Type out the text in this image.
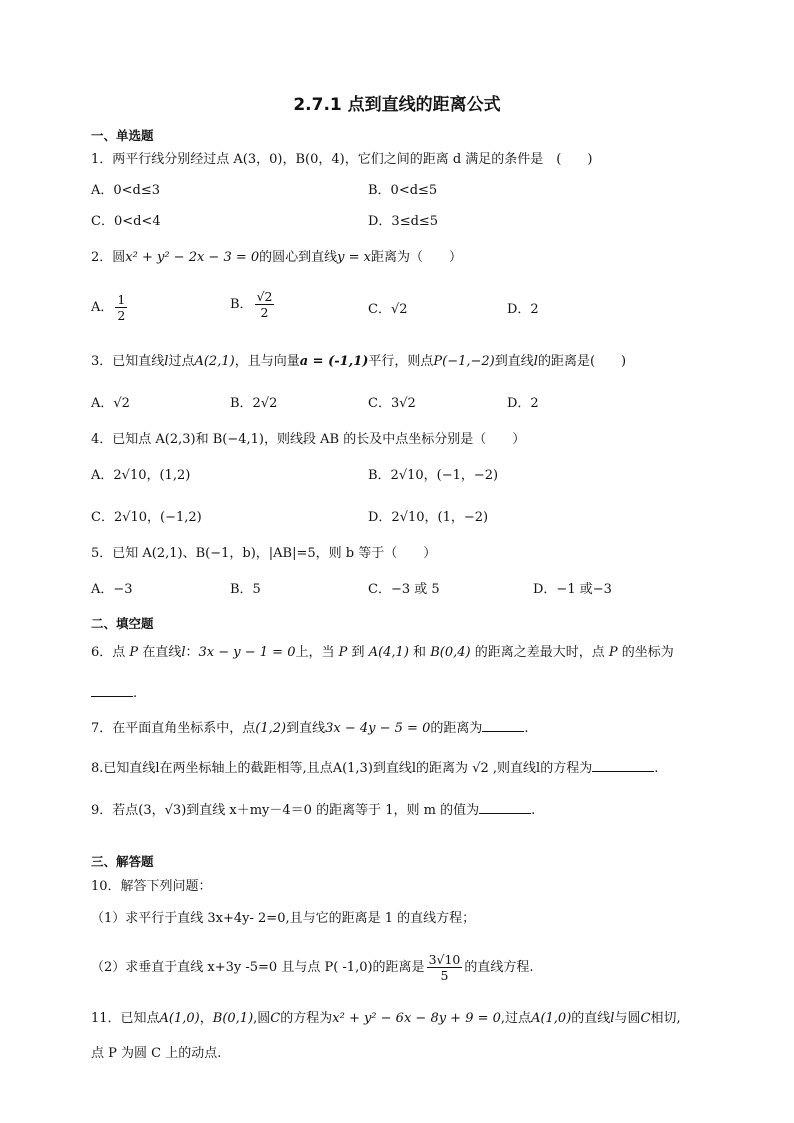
2.7.1 点到直线的距离公式
一、单选题
1．两平行线分别经过点 A(3，0)，B(0，4)，它们之间的距离 d 满足的条件是　(　　)
A．0<d≤3	B．0<d≤5
C．0<d<4	D．3≤d≤5
2．圆x² + y² − 2x − 3 = 0的圆心到直线y = x距离为（　　）
A． $\frac{1}{2}$	B． $\frac{√2}{2}$	C．√2	D．2
3．已知直线l过点A(2,1)，且与向量a = (-1,1)平行，则点P(−1,−2)到直线l的距离是(　　)
A．√2	B．2√2	C．3√2	D．2
4．已知点 A(2,3)和 B(−4,1)，则线段 AB 的长及中点坐标分别是（　　）
A．2√10，(1,2)	B．2√10，(−1，−2)
C．2√10，(−1,2)	D．2√10，(1，−2)
5．已知 A(2,1)、B(−1，b)，|AB|=5，则 b 等于（　　）
A．−3	B．5	C．−3 或 5	D．−1 或−3
二、填空题
6．点 P 在直线l：3x − y − 1 = 0上，当 P 到 A(4,1) 和 B(0,4) 的距离之差最大时，点 P 的坐标为
.
7．在平面直角坐标系中，点(1,2)到直线3x − 4y − 5 = 0的距离为	.
8.已知直线l在两坐标轴上的截距相等,且点A(1,3)到直线l的距离为 √2 ,则直线l的方程为	.
9．若点(3，√3)到直线 x＋my－4＝0 的距离等于 1，则 m 的值为	.
三、解答题
10．解答下列问题：
（1）求平行于直线 3x+4y- 2=0,且与它的距离是 1 的直线方程；
（2）求垂直于直线 x+3y -5=0 且与点 P( -1,0)的距离是 $\frac{3√10}{5}$ 的直线方程.
11．已知点A(1,0)，B(0,1),圆C的方程为x² + y² − 6x − 8y + 9 = 0,过点A(1,0)的直线l与圆C相切,
点 P 为圆 C 上的动点.
